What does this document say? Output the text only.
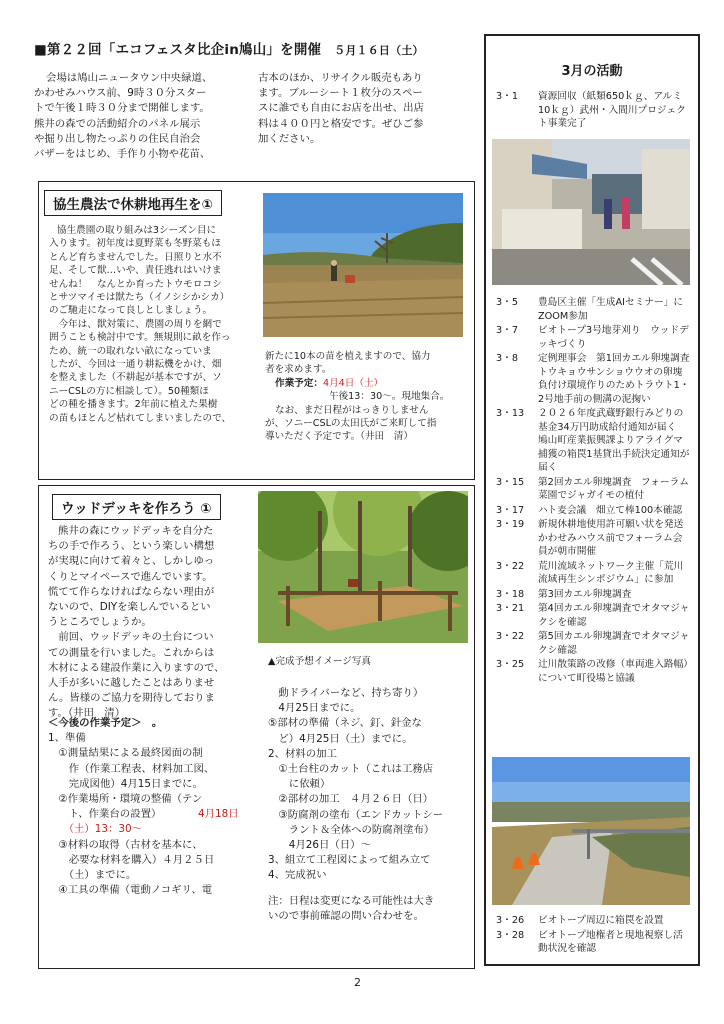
■第２２回「エコフェスタ比企in鳩山」を開催 ５月１６日（土）
会場は鳩山ニュータウン中央緑道、
かわせみハウス前、9時３０分スター
トで午後１時３０分まで開催します。
熊井の森での活動紹介のパネル展示
や掘り出し物たっぷりの住民自治会
バザーをはじめ、手作り小物や花苗、
古本のほか、リサイクル販売もあり
ます。ブルーシート１枚分のスペー
スに誰でも自由にお店を出せ、出店
料は４００円と格安です。ぜひご参
加ください。
協生農法で休耕地再生を①
協生農園の取り組みは3シーズン目に
入ります。初年度は夏野菜も冬野菜もほ
とんど育ちませんでした。日照りと水不
足、そして獣…いや、責任逃れはいけま
せんね！　なんとか育ったトウモロコシ
とサツマイモは獣たち（イノシシかシカ）
のご馳走になって良しとしましょう。
　今年は、獣対策に、農園の周りを網で
囲うことも検討中です。無規則に畝を作っ
ため、統一の取れない畝になっていま
したが、今回は一通り耕耘機をかけ、畑
を整えました（不耕起が基本ですが、ソ
ニーCSLの方に相談して）。50種類ほ
どの種を播きます。2年前に植えた果樹
の苗もほとんど枯れてしまいましたので、
新たに10本の苗を植えますので、協力
者を求めます。
作業予定：4月4日（土）
午後13：30〜。現地集合。
なお、まだ日程がはっきりしません
が、ソニーCSLの太田氏がご来町して指
導いただく予定です。（井田　清）
ウッドデッキを作ろう ①
熊井の森にウッドデッキを自分た
ちの手で作ろう、という楽しい構想
が実現に向けて着々と、しかしゆっ
くりとマイペースで進んでいます。
慌てて作らなければならない理由が
ないので、DIYを楽しんでいるとい
うところでしょうか。
　前回、ウッドデッキの土台につい
ての測量を行いました。これからは
木材による建設作業に入りますので、
人手が多いに越したことはありませ
ん。皆様のご協力を期待しておりま
す。（井田　清）
▲完成予想イメージ写真
＜今後の作業予定＞　。
1、準備
　①測量結果による最終図面の制
　　作（作業工程表、材料加工図、
　　完成図他）4月15日までに。
　②作業場所・環境の整備（テン
　　ト、作業台の設置）	4月18日
　　（土）13：30〜
　③材料の取得（古材を基本に、
　　必要な材料を購入）４月２５日
　　（土）までに。
　④工具の準備（電動ノコギリ、電
　動ドライバーなど、持ち寄り）
　4月25日までに。
⑤部材の準備（ネジ、釘、針金な
　ど）4月25日（土）までに。
2、材料の加工
　①土台柱のカット（これは工務店
　　に依頼）
　②部材の加工　４月２６日（日）
　③防腐剤の塗布（エンドカットシー
　　ラント＆全体への防腐剤塗布）
　　4月26日（日）〜
3、組立て工程図によって組み立て
4、完成祝い
注：日程は変更になる可能性は大き
いので事前確認の問い合わせを。
3月の活動
3・1	資源回収（紙類650ｋｇ、アルミ10ｋｇ）武州・入間川プロジェクト事業完了
3・5	豊島区主催「生成AIセミナー」にZOOM参加
3・7	ビオトープ3号地芽刈り　ウッドデッキづくり
3・8	定例理事会　第1回カエル卵塊調査　トウキョウサンショウウオの卵塊負付け環境作りのためトラウト1・2号地手前の側溝の泥掬い
3・13	２０２６年度武蔵野銀行みどりの基金34万円助成給付通知が届く　鳩山町産業振興課よりアライグマ捕獲の箱罠1基貸出手続決定通知が届く
3・15	第2回カエル卵塊調査　フォーラム菜園でジャガイモの植付
3・17	ハト麦会議　畑立て棒100本確認
3・19	新規休耕地使用許可願い状を発送　かわせみハウス前でフォーラム会員が朝市開催
3・22	荒川流域ネットワーク主催「荒川流域再生シンポジウム」に参加
3・18	第3回カエル卵塊調査
3・21	第4回カエル卵塊調査でオタマジャクシを確認
3・22	第5回カエル卵塊調査でオタマジャクシ確認
3・25	辻川散策路の改修（車両進入路幅）について町役場と協議
3・26	ビオトープ周辺に箱罠を設置
3・28	ビオトープ地権者と現地視察し活動状況を確認
2
